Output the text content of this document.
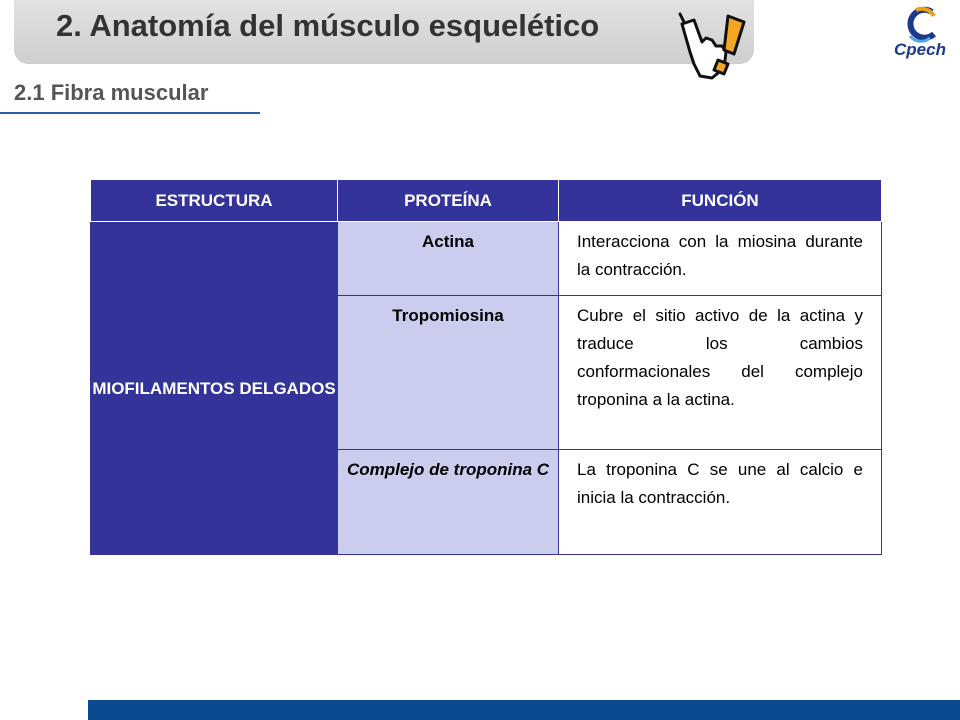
2. Anatomía del músculo esquelético
Cpech
2.1 Fibra muscular
ESTRUCTURA	PROTEÍNA	FUNCIÓN
MIOFILAMENTOS DELGADOS	Actina	Interacciona con la miosina durante la contracción.
	Tropomiosina	Cubre el sitio activo de la actina y traduce los cambios conformacionales del complejo troponina a la actina.
	Complejo de troponina C	La troponina C se une al calcio e inicia la contracción.
